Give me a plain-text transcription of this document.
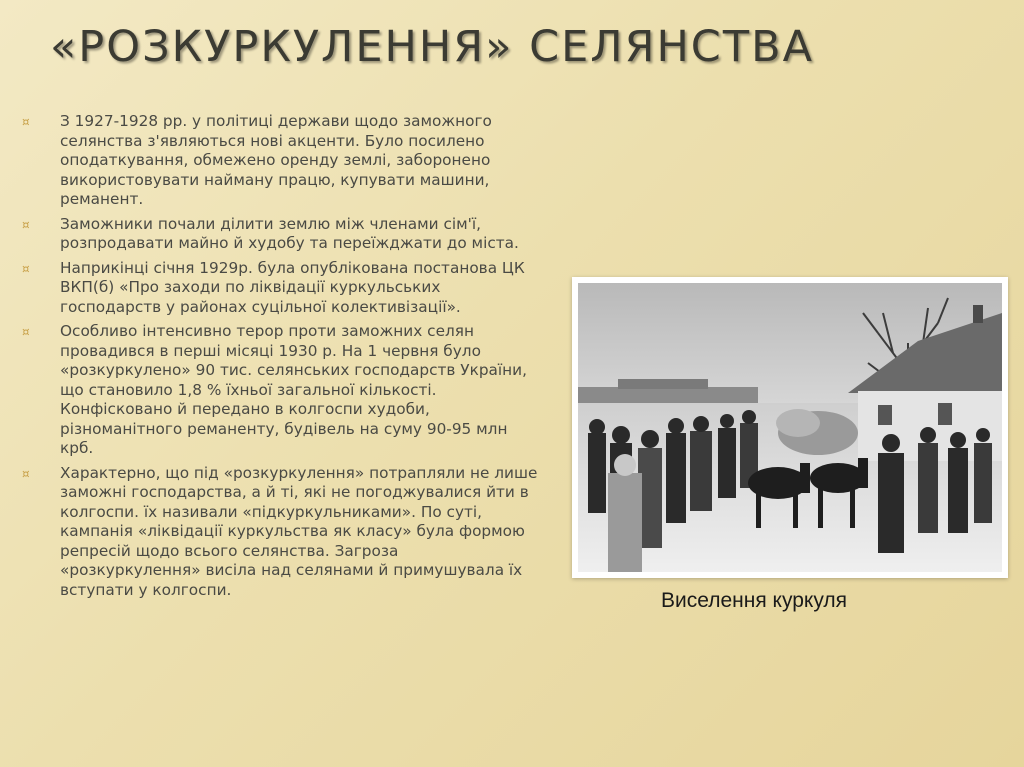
«РОЗКУРКУЛЕННЯ» СЕЛЯНСТВА
¤ З 1927-1928 рр. у політиці держави щодо заможного селянства з'являються нові акценти. Було посилено оподаткування, обмежено оренду землі, заборонено використовувати найману працю, купувати машини, реманент.
¤ Заможники почали ділити землю між членами сім'ї, розпродавати майно й худобу та переїжджати до міста.
¤ Наприкінці січня 1929р. була опублікована постанова ЦК ВКП(б) «Про заходи по ліквідації куркульських господарств у районах суцільної колективізації».
¤ Особливо інтенсивно терор проти заможних селян провадився в перші місяці 1930 р. На 1 червня було «розкуркулено» 90 тис. селянських господарств України, що становило 1,8 % їхньої загальної кількості. Конфісковано й передано в колгоспи худоби, різноманітного реманенту, будівель на суму 90-95 млн крб.
¤ Характерно, що під «розкуркулення» потрапляли не лише заможні господарства, а й ті, які не погоджувалися йти в колгоспи. їх називали «підкуркульниками». По суті, кампанія «ліквідації куркульства як класу» була формою репресій щодо всього селянства. Загроза «розкуркулення» висіла над селянами й примушувала їх вступати у колгоспи.	Виселення куркуля
